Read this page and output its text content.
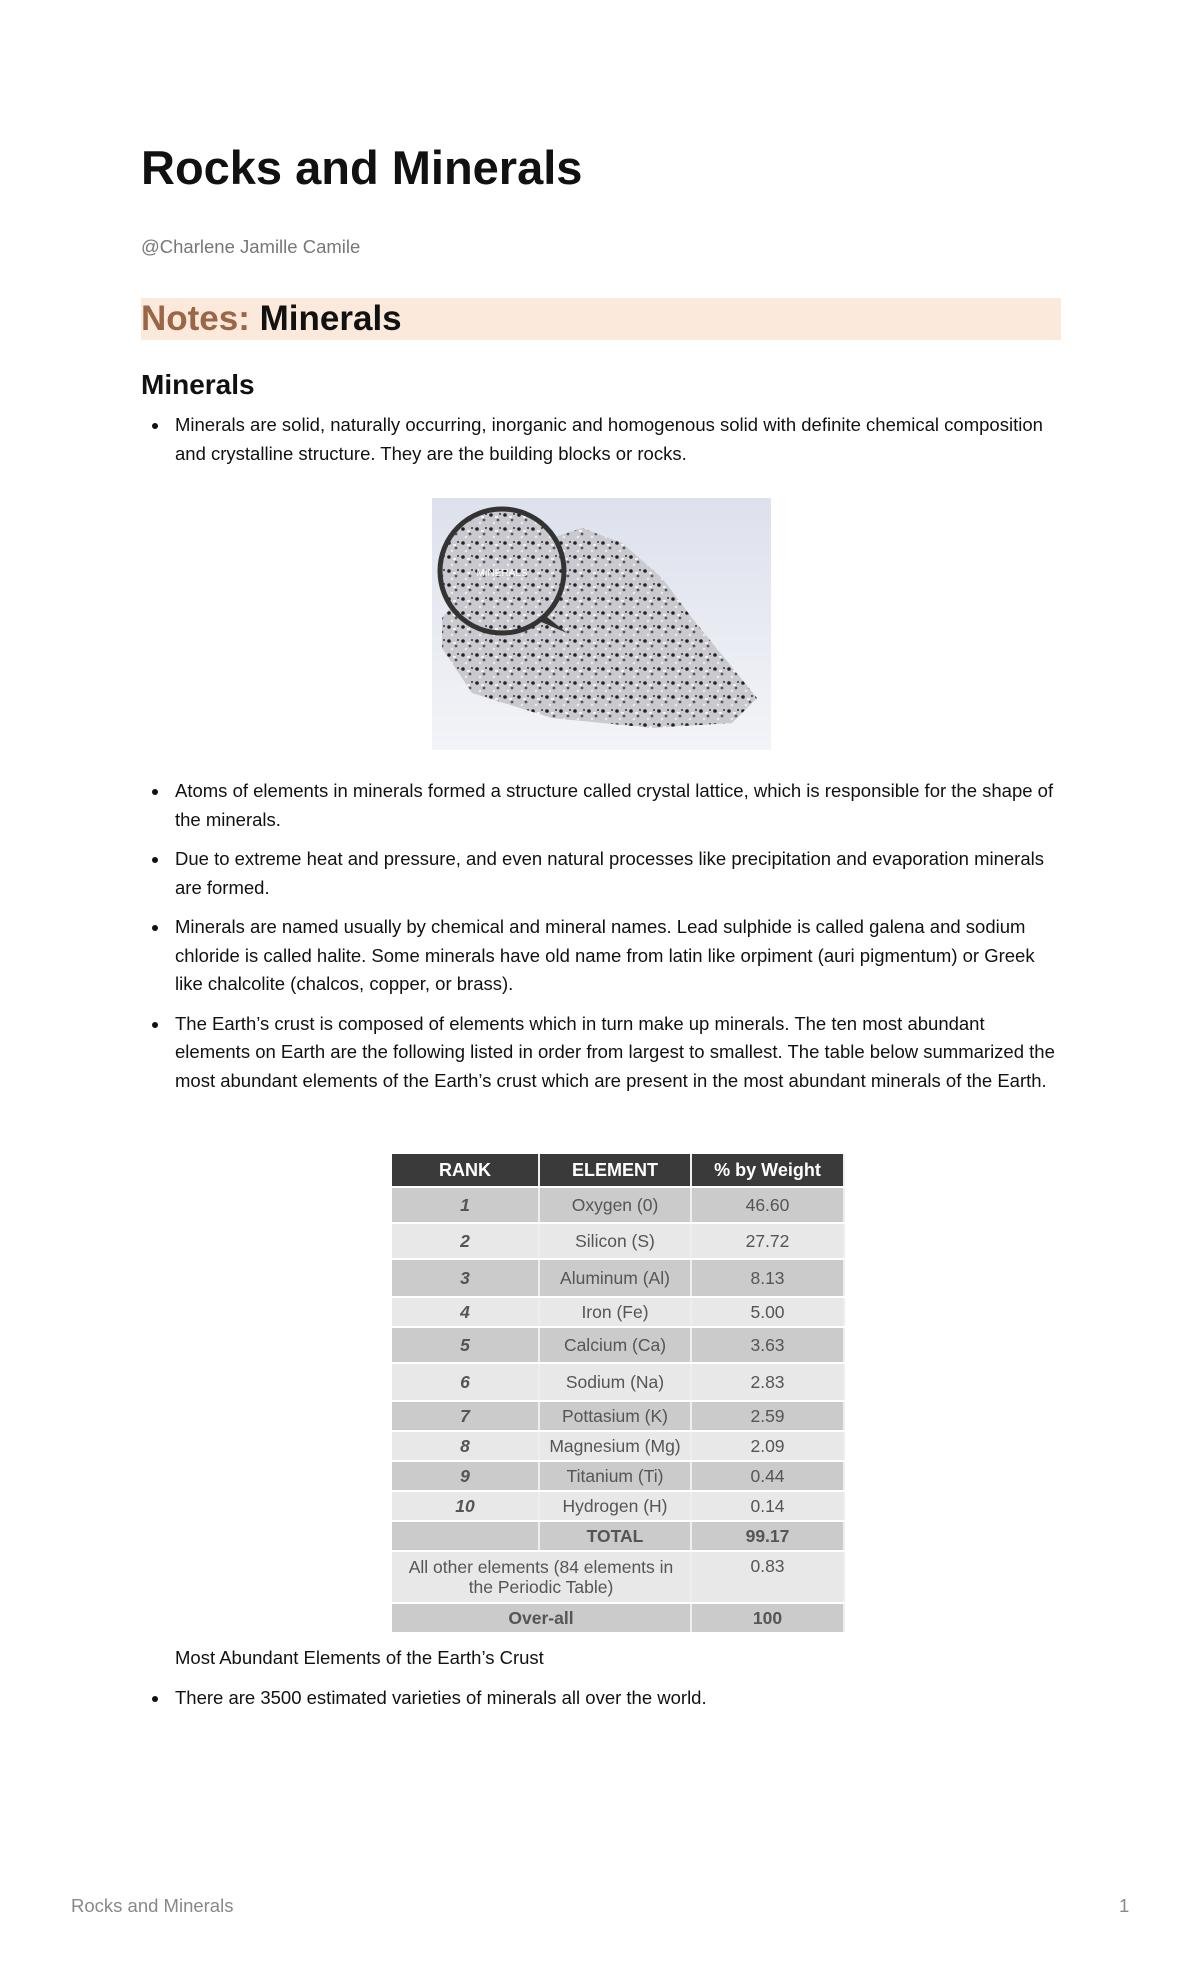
Rocks and Minerals
@Charlene Jamille Camile
Notes: Minerals
Minerals
Minerals are solid, naturally occurring, inorganic and homogenous solid with definite chemical composition and crystalline structure. They are the building blocks or rocks.
MINERALS
Atoms of elements in minerals formed a structure called crystal lattice, which is responsible for the shape of the minerals.
Due to extreme heat and pressure, and even natural processes like precipitation and evaporation minerals are formed.
Minerals are named usually by chemical and mineral names. Lead sulphide is called galena and sodium chloride is called halite. Some minerals have old name from latin like orpiment (auri pigmentum) or Greek like chalcolite (chalcos, copper, or brass).
The Earth’s crust is composed of elements which in turn make up minerals. The ten most abundant elements on Earth are the following listed in order from largest to smallest. The table below summarized the most abundant elements of the Earth’s crust which are present in the most abundant minerals of the Earth.
RANK	ELEMENT	% by Weight
1	Oxygen (0)	46.60
2	Silicon (S)	27.72
3	Aluminum (Al)	8.13
4	Iron (Fe)	5.00
5	Calcium (Ca)	3.63
6	Sodium (Na)	2.83
7	Pottasium (K)	2.59
8	Magnesium (Mg)	2.09
9	Titanium (Ti)	0.44
10	Hydrogen (H)	0.14
	TOTAL	99.17
All other elements (84 elements in the Periodic Table)		0.83
Over-all		100
Most Abundant Elements of the Earth’s Crust
There are 3500 estimated varieties of minerals all over the world.
Rocks and Minerals	1
